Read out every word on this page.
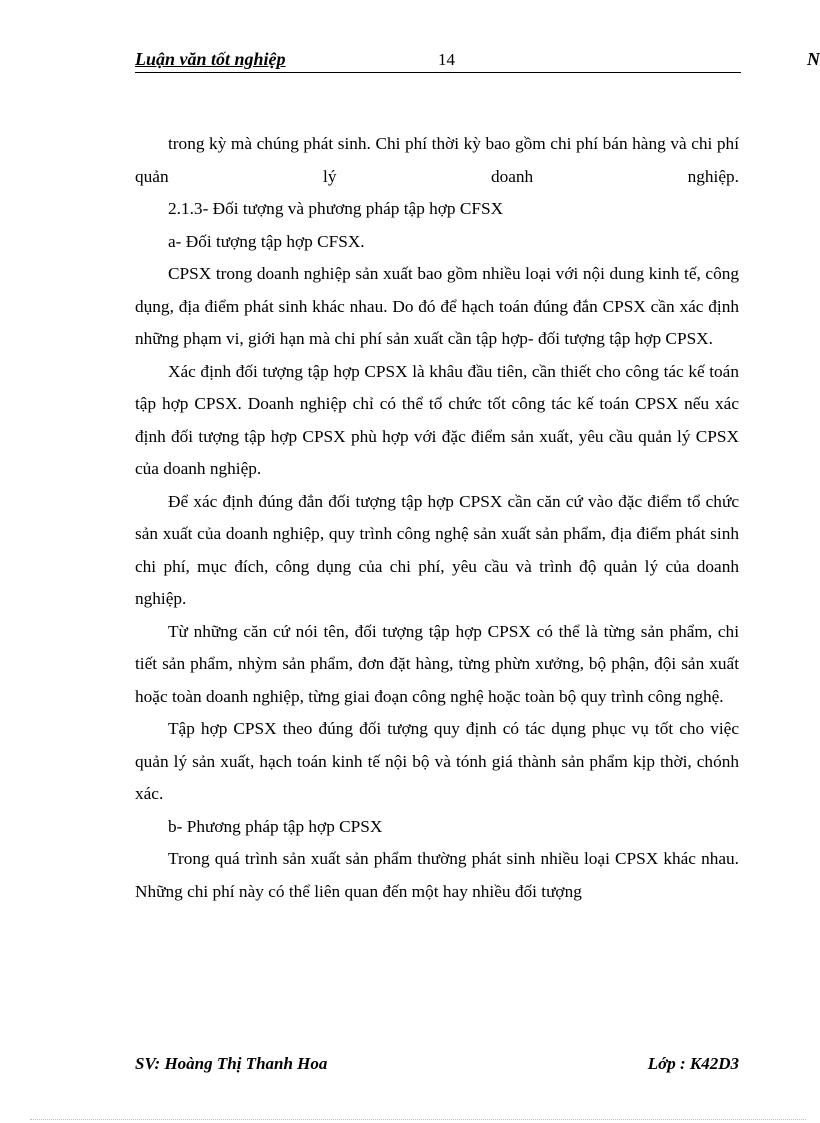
Luận văn tốt nghiệp	14	N

trong kỳ mà chúng phát sinh. Chi phí thời kỳ bao gồm chi phí bán hàng và chi phí quản lý doanh nghiệp.

2.1.3- Đối tượng và phương pháp tập hợp CFSX

a- Đối tượng tập hợp CFSX.

CPSX trong doanh nghiệp sản xuất bao gồm nhiều loại với nội dung kinh tế, công dụng, địa điểm phát sinh khác nhau. Do đó để hạch toán đúng đắn CPSX cần xác định những phạm vi, giới hạn mà chi phí sản xuất cần tập hợp- đối tượng tập hợp CPSX.

Xác định đối tượng tập hợp CPSX là khâu đầu tiên, cần thiết cho công tác kế toán tập hợp CPSX. Doanh nghiệp chỉ có thể tổ chức tốt công tác kế toán CPSX nếu xác định đối tượng tập hợp CPSX phù hợp với đặc điểm sản xuất, yêu cầu quản lý CPSX của doanh nghiệp.

Để xác định đúng đắn đối tượng tập hợp CPSX cần căn cứ vào đặc điểm tổ chức sản xuất của doanh nghiệp, quy trình công nghệ sản xuất sản phẩm, địa điểm phát sinh chi phí, mục đích, công dụng của chi phí, yêu cầu và trình độ quản lý của doanh nghiệp.

Từ những căn cứ nói tên, đối tượng tập hợp CPSX có thể là từng sản phẩm, chi tiết sản phẩm, nhỳm sản phẩm, đơn đặt hàng, từng phừn xưởng, bộ phận, đội sản xuất hoặc toàn doanh nghiệp, từng giai đoạn công nghệ hoặc toàn bộ quy trình công nghệ.

Tập hợp CPSX theo đúng đối tượng quy định có tác dụng phục vụ tốt cho việc quản lý sản xuất, hạch toán kinh tế nội bộ và tónh giá thành sản phẩm kịp thời, chónh xác.

b- Phương pháp tập hợp CPSX

Trong quá trình sản xuất sản phẩm thường phát sinh nhiều loại CPSX khác nhau. Những chi phí này có thể liên quan đến một hay nhiều đối tượng

SV: Hoàng Thị Thanh Hoa	Lớp : K42D3
